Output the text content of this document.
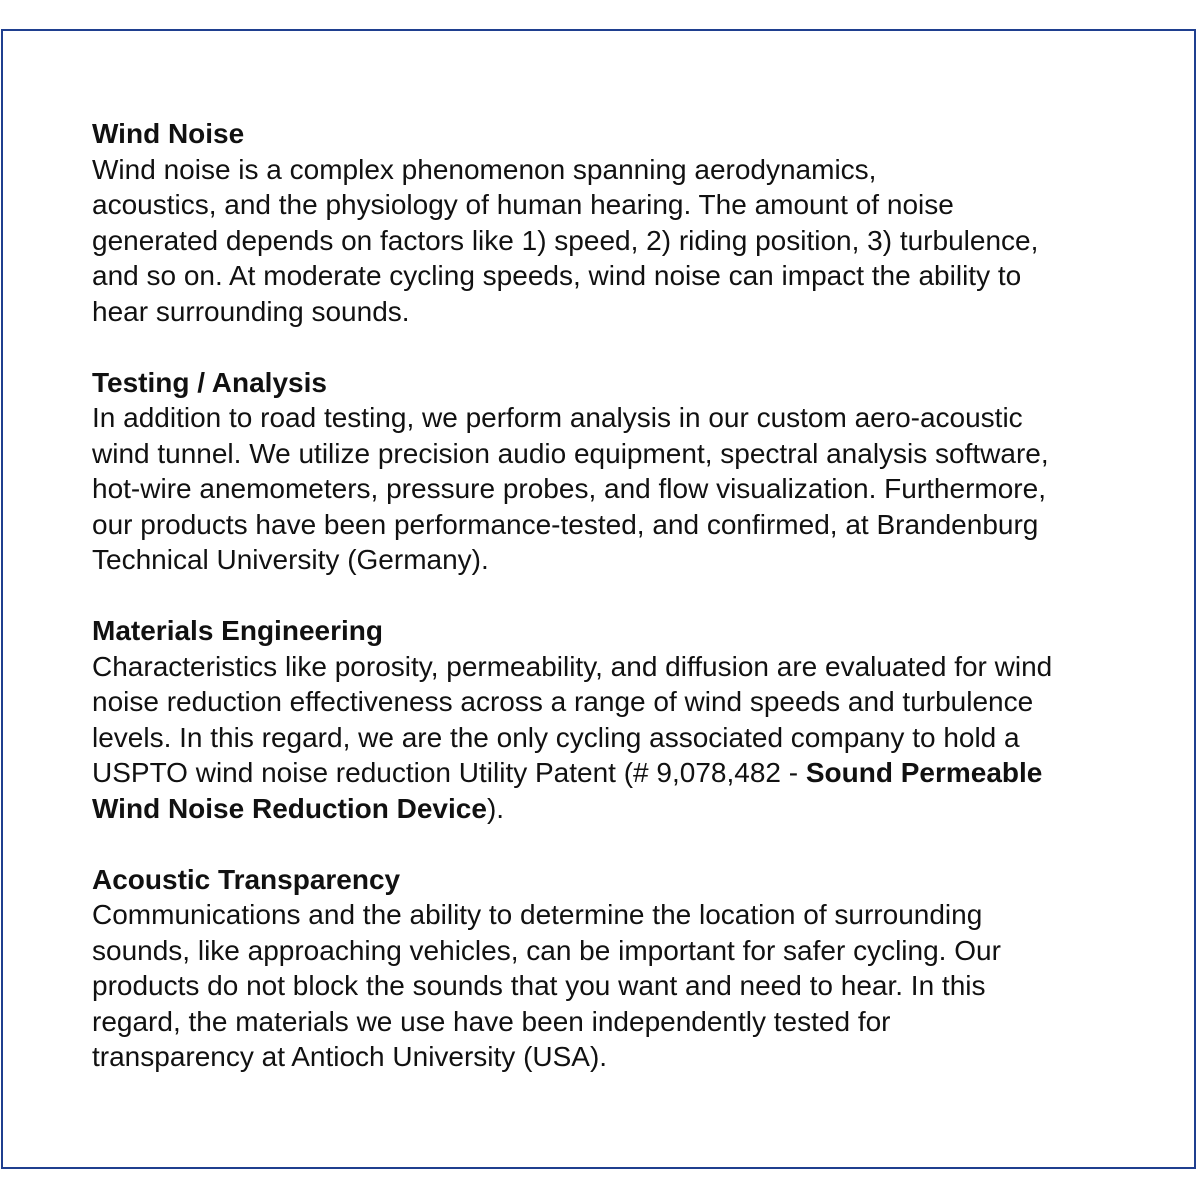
Wind Noise
Wind noise is a complex phenomenon spanning aerodynamics,
acoustics, and the physiology of human hearing. The amount of noise
generated depends on factors like 1) speed, 2) riding position, 3) turbulence,
and so on. At moderate cycling speeds, wind noise can impact the ability to
hear surrounding sounds.
Testing / Analysis
In addition to road testing, we perform analysis in our custom aero-acoustic
wind tunnel. We utilize precision audio equipment, spectral analysis software,
hot-wire anemometers, pressure probes, and flow visualization. Furthermore,
our products have been performance-tested, and confirmed, at Brandenburg
Technical University (Germany).
Materials Engineering
Characteristics like porosity, permeability, and diffusion are evaluated for wind
noise reduction effectiveness across a range of wind speeds and turbulence
levels. In this regard, we are the only cycling associated company to hold a
USPTO wind noise reduction Utility Patent (# 9,078,482 - Sound Permeable
Wind Noise Reduction Device).
Acoustic Transparency
Communications and the ability to determine the location of surrounding
sounds, like approaching vehicles, can be important for safer cycling. Our
products do not block the sounds that you want and need to hear. In this
regard, the materials we use have been independently tested for
transparency at Antioch University (USA).
